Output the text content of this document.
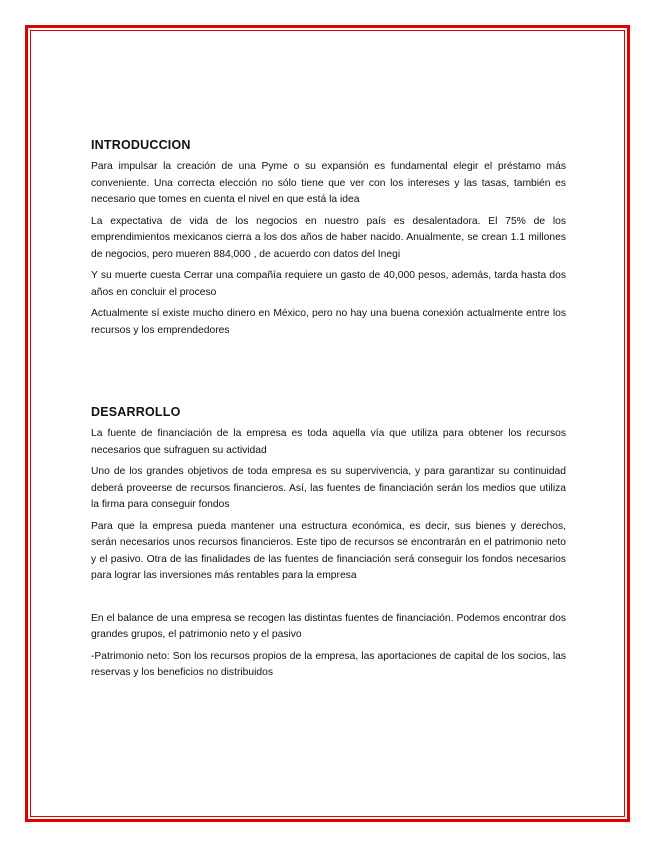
INTRODUCCION

Para impulsar la creación de una Pyme o su expansión es fundamental elegir el préstamo más conveniente. Una correcta elección no sólo tiene que ver con los intereses y las tasas, también es necesario que tomes en cuenta el nivel en que está la idea

La expectativa de vida de los negocios en nuestro país es desalentadora. El 75% de los emprendimientos mexicanos cierra a los dos años de haber nacido. Anualmente, se crean 1.1 millones de negocios, pero mueren 884,000 , de acuerdo con datos del Inegi

Y su muerte cuesta Cerrar una compañía requiere un gasto de 40,000 pesos, además, tarda hasta dos años en concluir el proceso

Actualmente sí existe mucho dinero en México, pero no hay una buena conexión actualmente entre los recursos y los emprendedores

DESARROLLO

La fuente de financiación de la empresa es toda aquella vía que utiliza para obtener los recursos necesarios que sufraguen su actividad

Uno de los grandes objetivos de toda empresa es su supervivencia, y para garantizar su continuidad deberá proveerse de recursos financieros. Así, las fuentes de financiación serán los medios que utiliza la firma para conseguir fondos

Para que la empresa pueda mantener una estructura económica, es decir, sus bienes y derechos, serán necesarios unos recursos financieros. Este tipo de recursos se encontrarán en el patrimonio neto y el pasivo. Otra de las finalidades de las fuentes de financiación será conseguir los fondos necesarios para lograr las inversiones más rentables para la empresa

En el balance de una empresa se recogen las distintas fuentes de financiación. Podemos encontrar dos grandes grupos, el patrimonio neto y el pasivo

-Patrimonio neto: Son los recursos propios de la empresa, las aportaciones de capital de los socios, las reservas y los beneficios no distribuidos
